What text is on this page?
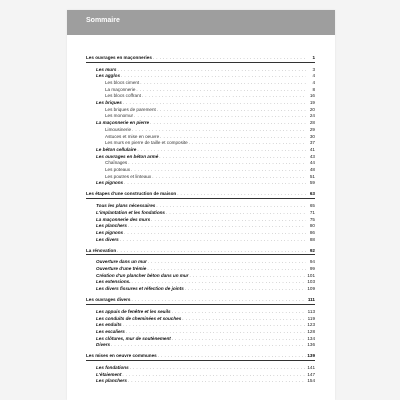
Sommaire
Les ouvrages en maçonneries . . .	1
Les murs . . .	3
Les agglos . . .	4
Les blocs ciment . . .	4
La maçonnerie . . .	8
Les blocs coffrant . . .	16
Les briques . . .	19
Les briques de parement . . .	20
Les monomur . . .	24
La maçonnerie en pierre . . .	28
Limousinerie . . .	29
Astuces et mise en oeuvre . . .	30
Les murs en pierre de taille et composite . . .	37
Le béton cellulaire . . .	41
Les ouvrages en béton armé . . .	43
Chaînages . . .	44
Les poteaux . . .	48
Les poutres et linteaux . . .	51
Les pignons . . .	59
Les étapes d'une construction de maison . . .	63
Tous les plans nécessaires . . .	65
L'implantation et les fondations . . .	71
La maçonnerie des murs . . .	75
Les planchers . . .	80
Les pignons . . .	86
Les divers . . .	88
La rénovation . . .	92
Ouverture dans un mur . . .	94
Ouverture d'une trémie . . .	99
Création d'un plancher béton dans un mur . . .	101
Les extensions. . . .	103
Les divers fissures et réfection de joints . . .	109
Les ouvrages divers . . .	111
Les appuis de fenêtre et les seuils . . .	113
Les conduits de cheminées et souches . . .	119
Les enduits . . .	123
Les escaliers . . .	128
Les clôtures, mur de soutènement . . .	134
Divers . . .	136
Les mises en oeuvre communes . . .	139
Les fondations . . .	141
L'étaiement . . .	147
Les planchers . . .	154
